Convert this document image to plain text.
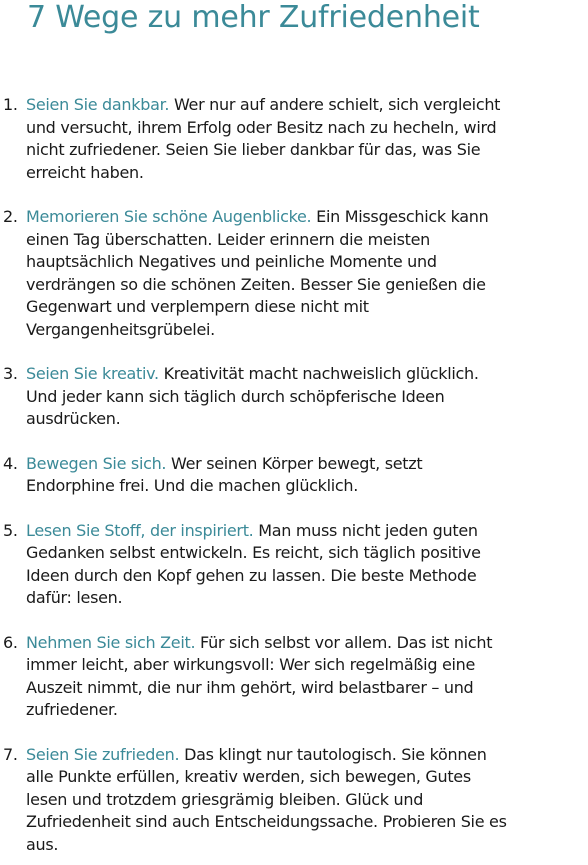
7 Wege zu mehr Zufriedenheit
1. Seien Sie dankbar. Wer nur auf andere schielt, sich vergleicht
und versucht, ihrem Erfolg oder Besitz nach zu hecheln, wird
nicht zufriedener. Seien Sie lieber dankbar für das, was Sie
erreicht haben.
2. Memorieren Sie schöne Augenblicke. Ein Missgeschick kann
einen Tag überschatten. Leider erinnern die meisten
hauptsächlich Negatives und peinliche Momente und
verdrängen so die schönen Zeiten. Besser Sie genießen die
Gegenwart und verplempern diese nicht mit
Vergangenheitsgrübelei.
3. Seien Sie kreativ. Kreativität macht nachweislich glücklich.
Und jeder kann sich täglich durch schöpferische Ideen
ausdrücken.
4. Bewegen Sie sich. Wer seinen Körper bewegt, setzt
Endorphine frei. Und die machen glücklich.
5. Lesen Sie Stoff, der inspiriert. Man muss nicht jeden guten
Gedanken selbst entwickeln. Es reicht, sich täglich positive
Ideen durch den Kopf gehen zu lassen. Die beste Methode
dafür: lesen.
6. Nehmen Sie sich Zeit. Für sich selbst vor allem. Das ist nicht
immer leicht, aber wirkungsvoll: Wer sich regelmäßig eine
Auszeit nimmt, die nur ihm gehört, wird belastbarer – und
zufriedener.
7. Seien Sie zufrieden. Das klingt nur tautologisch. Sie können
alle Punkte erfüllen, kreativ werden, sich bewegen, Gutes
lesen und trotzdem griesgrämig bleiben. Glück und
Zufriedenheit sind auch Entscheidungssache. Probieren Sie es
aus.
